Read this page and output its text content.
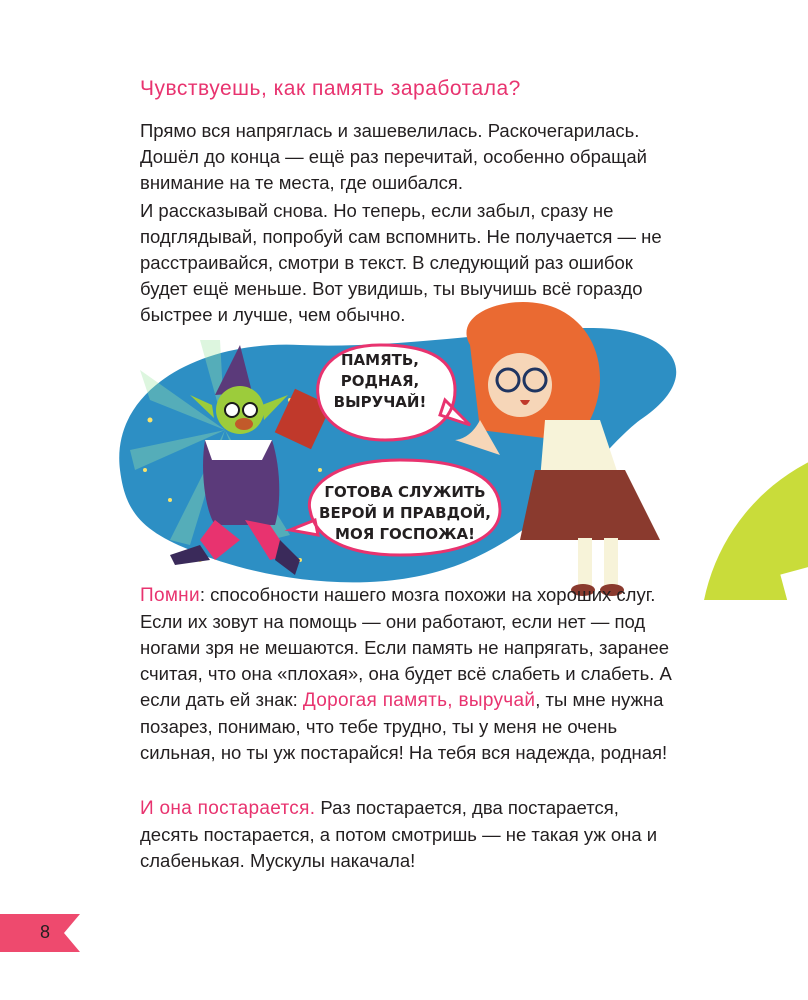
Чувствуешь, как память заработала?

Прямо вся напряглась и зашевелилась. Раскочегарилась. Дошёл до конца — ещё раз перечитай, особенно обращай внимание на те места, где ошибался.

И рассказывай снова. Но теперь, если забыл, сразу не подглядывай, попробуй сам вспомнить. Не получается — не расстраивайся, смотри в текст. В следующий раз ошибок будет ещё меньше. Вот увидишь, ты выучишь всё гораздо быстрее и лучше, чем обычно.

ПАМЯТЬ, РОДНАЯ, ВЫРУЧАЙ!
ГОТОВА СЛУЖИТЬ ВЕРОЙ И ПРАВДОЙ, МОЯ ГОСПОЖА!

Помни: способности нашего мозга похожи на хороших слуг. Если их зовут на помощь — они работают, если нет — под ногами зря не мешаются. Если память не напрягать, заранее считая, что она «плохая», она будет всё слабеть и слабеть. А если дать ей знак: Дорогая память, выручай, ты мне нужна позарез, понимаю, что тебе трудно, ты у меня не очень сильная, но ты уж постарайся! На тебя вся надежда, родная!

И она постарается. Раз постарается, два постарается, десять постарается, а потом смотришь — не такая уж она и слабенькая. Мускулы накачала!

8
